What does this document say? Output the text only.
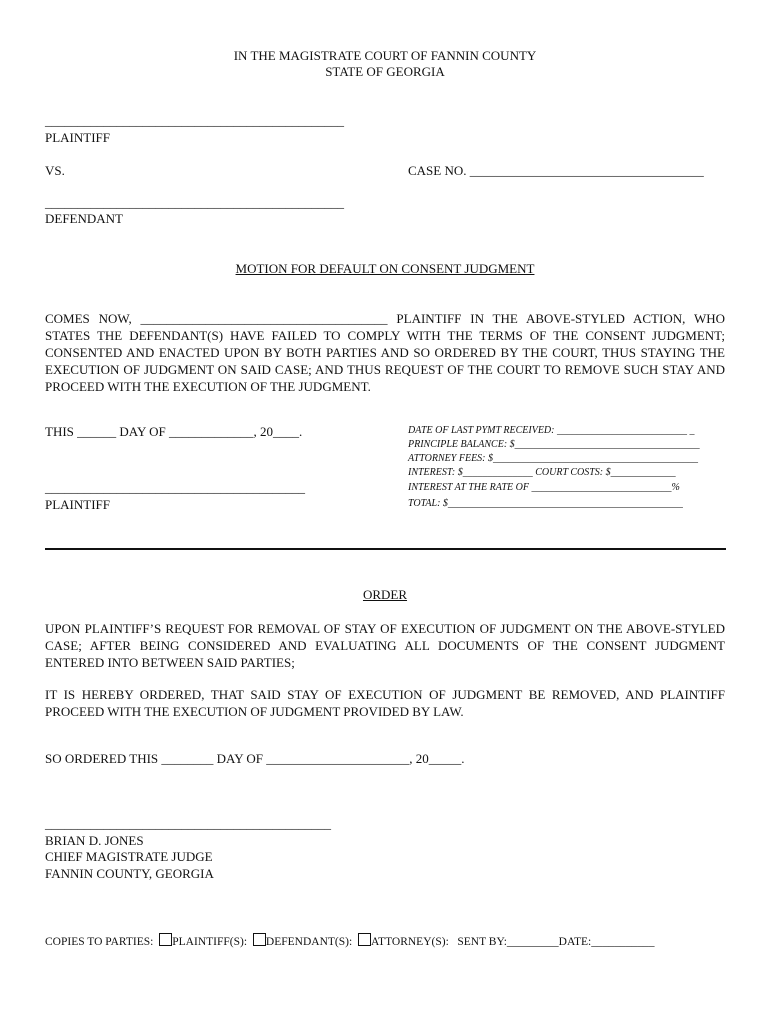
IN THE MAGISTRATE COURT OF FANNIN COUNTY
STATE OF GEORGIA
______________________________________________
PLAINTIFF
VS.	CASE NO. ____________________________________
______________________________________________
DEFENDANT
MOTION FOR DEFAULT ON CONSENT JUDGMENT
COMES NOW, ______________________________________ PLAINTIFF IN THE ABOVE-STYLED ACTION, WHO STATES THE DEFENDANT(S) HAVE FAILED TO COMPLY WITH THE TERMS OF THE CONSENT JUDGMENT; CONSENTED AND ENACTED UPON BY BOTH PARTIES AND SO ORDERED BY THE COURT, THUS STAYING THE EXECUTION OF JUDGMENT ON SAID CASE; AND THUS REQUEST OF THE COURT TO REMOVE SUCH STAY AND PROCEED WITH THE EXECUTION OF THE JUDGMENT.
THIS ______ DAY OF _____________, 20____.
________________________________________
PLAINTIFF
DATE OF LAST PYMT RECEIVED: __________________________ _
PRINCIPLE BALANCE: $_____________________________________
ATTORNEY FEES: $_________________________________________
INTEREST: $______________ COURT COSTS: $_____________
INTEREST AT THE RATE OF ____________________________%
TOTAL: $_______________________________________________
ORDER
UPON PLAINTIFF’S REQUEST FOR REMOVAL OF STAY OF EXECUTION OF JUDGMENT ON THE ABOVE-STYLED CASE; AFTER BEING CONSIDERED AND EVALUATING ALL DOCUMENTS OF THE CONSENT JUDGMENT ENTERED INTO BETWEEN SAID PARTIES;
IT IS HEREBY ORDERED, THAT SAID STAY OF EXECUTION OF JUDGMENT BE REMOVED, AND PLAINTIFF PROCEED WITH THE EXECUTION OF JUDGMENT PROVIDED BY LAW.
SO ORDERED THIS ________ DAY OF ______________________, 20_____.
____________________________________________
BRIAN D. JONES
CHIEF MAGISTRATE JUDGE
FANNIN COUNTY, GEORGIA
COPIES TO PARTIES: PLAINTIFF(S): DEFENDANT(S): ATTORNEY(S): SENT BY:_________DATE:___________
